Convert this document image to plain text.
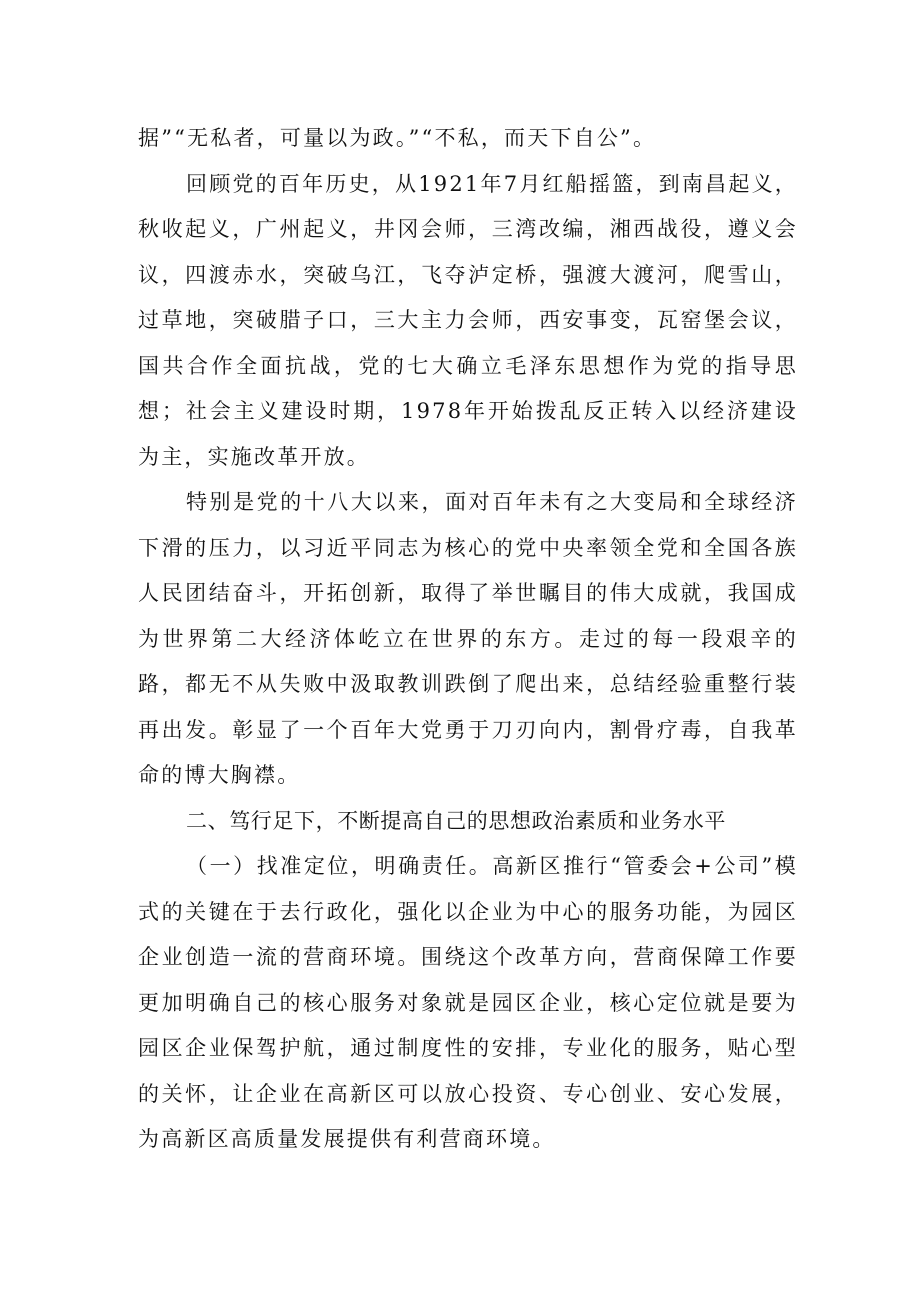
据”“无私者，可量以为政。”“不私，而天下自公”。

回顾党的百年历史，从1921年7月红船摇篮，到南昌起义，秋收起义，广州起义，井冈会师，三湾改编，湘西战役，遵义会议，四渡赤水，突破乌江，飞夺泸定桥，强渡大渡河，爬雪山，过草地，突破腊子口，三大主力会师，西安事变，瓦窑堡会议，国共合作全面抗战，党的七大确立毛泽东思想作为党的指导思想；社会主义建设时期，1978年开始拨乱反正转入以经济建设为主，实施改革开放。

特别是党的十八大以来，面对百年未有之大变局和全球经济下滑的压力，以习近平同志为核心的党中央率领全党和全国各族人民团结奋斗，开拓创新，取得了举世瞩目的伟大成就，我国成为世界第二大经济体屹立在世界的东方。走过的每一段艰辛的路，都无不从失败中汲取教训跌倒了爬出来，总结经验重整行装再出发。彰显了一个百年大党勇于刀刃向内，割骨疗毒，自我革命的博大胸襟。

二、笃行足下，不断提高自己的思想政治素质和业务水平

（一）找准定位，明确责任。高新区推行“管委会+公司”模式的关键在于去行政化，强化以企业为中心的服务功能，为园区企业创造一流的营商环境。围绕这个改革方向，营商保障工作要更加明确自己的核心服务对象就是园区企业，核心定位就是要为园区企业保驾护航，通过制度性的安排，专业化的服务，贴心型的关怀，让企业在高新区可以放心投资、专心创业、安心发展，为高新区高质量发展提供有利营商环境。
